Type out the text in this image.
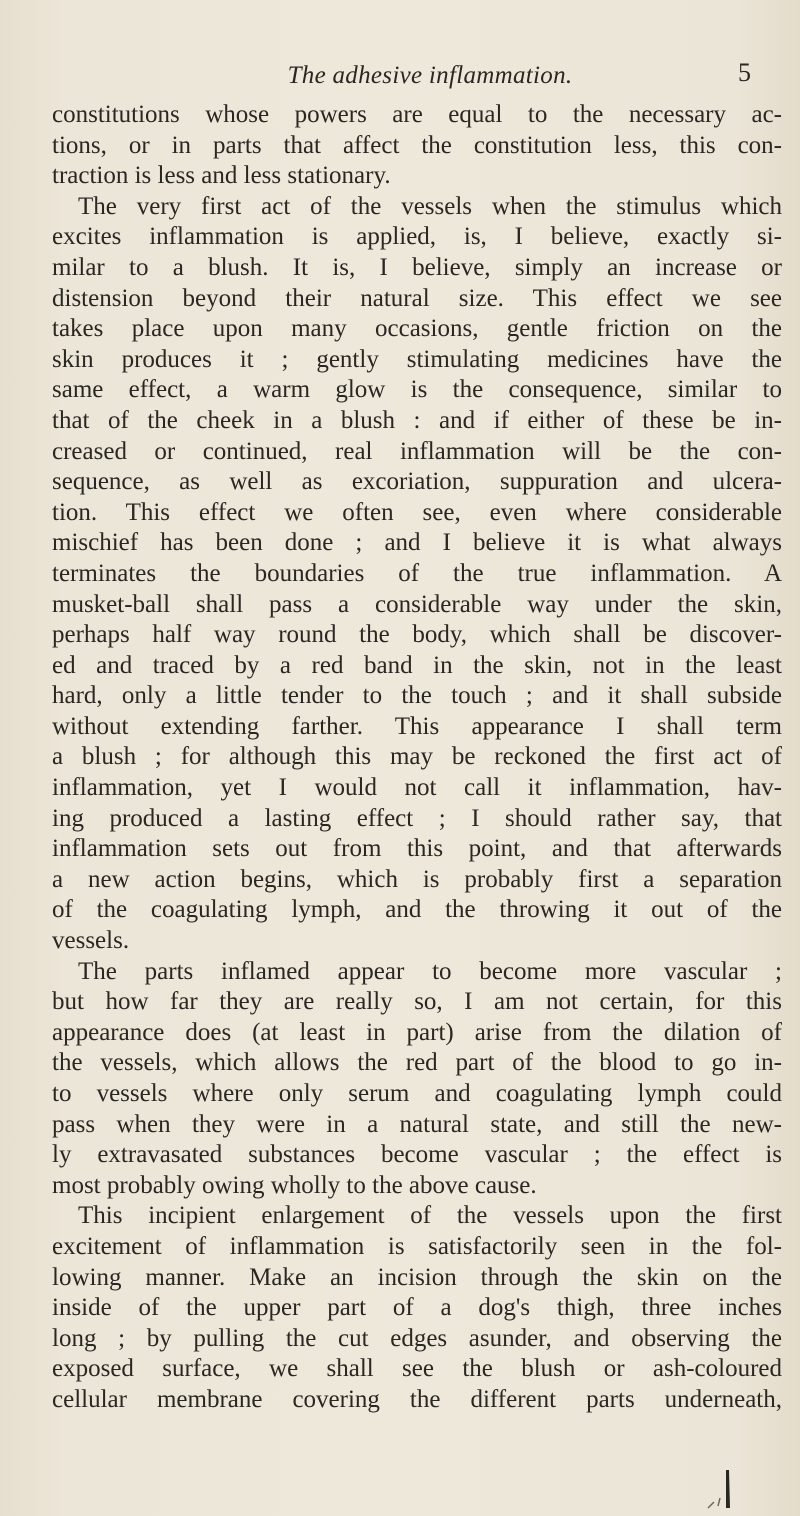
The adhesive inflammation.	5
constitutions whose powers are equal to the necessary ac-
tions, or in parts that affect the constitution less, this con-
traction is less and less stationary.
The very first act of the vessels when the stimulus which
excites inflammation is applied, is, I believe, exactly si-
milar to a blush. It is, I believe, simply an increase or
distension beyond their natural size. This effect we see
takes place upon many occasions, gentle friction on the
skin produces it ; gently stimulating medicines have the
same effect, a warm glow is the consequence, similar to
that of the cheek in a blush : and if either of these be in-
creased or continued, real inflammation will be the con-
sequence, as well as excoriation, suppuration and ulcera-
tion. This effect we often see, even where considerable
mischief has been done ; and I believe it is what always
terminates the boundaries of the true inflammation. A
musket-ball shall pass a considerable way under the skin,
perhaps half way round the body, which shall be discover-
ed and traced by a red band in the skin, not in the least
hard, only a little tender to the touch ; and it shall subside
without extending farther. This appearance I shall term
a blush ; for although this may be reckoned the first act of
inflammation, yet I would not call it inflammation, hav-
ing produced a lasting effect ; I should rather say, that
inflammation sets out from this point, and that afterwards
a new action begins, which is probably first a separation
of the coagulating lymph, and the throwing it out of the
vessels.
The parts inflamed appear to become more vascular ;
but how far they are really so, I am not certain, for this
appearance does (at least in part) arise from the dilation of
the vessels, which allows the red part of the blood to go in-
to vessels where only serum and coagulating lymph could
pass when they were in a natural state, and still the new-
ly extravasated substances become vascular ; the effect is
most probably owing wholly to the above cause.
This incipient enlargement of the vessels upon the first
excitement of inflammation is satisfactorily seen in the fol-
lowing manner. Make an incision through the skin on the
inside of the upper part of a dog's thigh, three inches
long ; by pulling the cut edges asunder, and observing the
exposed surface, we shall see the blush or ash-coloured
cellular membrane covering the different parts underneath,
